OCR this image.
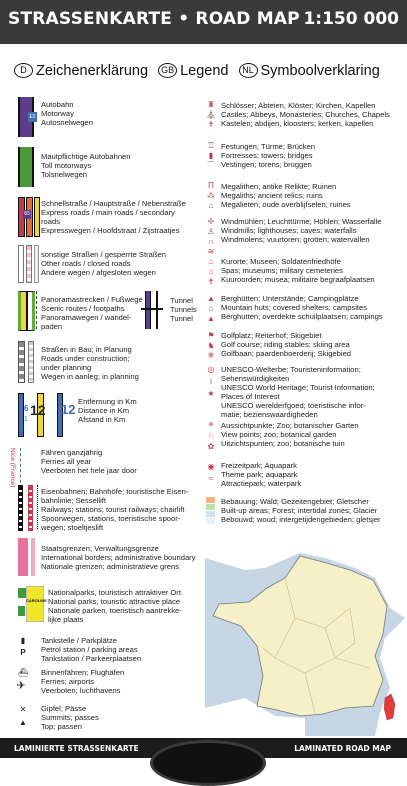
STRASSENKARTE • ROAD MAP 1:150 000
D Zeichenerklärung GB Legend NL Symboolverklaring
E5
83
Tunnel
Tunnels
Tunnel
6 12 12
1
Nice (France)
CAROLINE
▮
P
⛴
✈
✕
▲
Autobahn
Motorway
Autosnelwegen
Mautpflichtige Autobahnen
Toll motorways
Tolsnelwegen
Schnellstraße / Hauptstraße / Nebenstraße
Express roads / main roads / secondary
roads
Expresswegen / Hoofdstraat / Zijstraatjes
sonstige Straßen / gesperrte Straßen
Other roads / closed roads
Andere wegen / afgesloten wegen
Panoramastrecken / Fußwege
Scenic routes / footpaths
Panoramawegen / wandel-
paden
Straßen in Bau; in Planung
Roads under construction;
under planning
Wegen in aanleg; in planning
Entfernung in Km
Distance in Km
Afstand in Km
Fähren ganzjährig
Ferries all year
Veerboten het hele jaar door
Eisenbahnen; Bahnhöfe; touristische Eisen-
bahnlinie; Sessellift
Railways; stations; tourist railways; chairlift
Spoorwegen, stations, toeristische spoor-
wegen; stoeltjeslift
Staatsgrenzen; Verwaltungsgrenze
International borders; administrative boundary
Nationale grenzen; administratieve grens
Nationalparks, touristisch attraktiver Ort
National parks, touristic attractive place
Nationale parken, toeristisch aantrekke-
lijke plaats
Tankstelle / Parkplätze
Petrol station / parking areas
Tankstation / Parkeerplaatsen
Binnenfähren; Flughäfen
Ferries; airports
Veerboten; luchthavens
Gipfel; Pässe
Summits; passes
Top; passen
♜
⛪
✝
♖
▮
⌒
Π
⁂
⌂
✢
♙
∩
≋
♨
⌂
✝
▲
⌂
▲
⚑
♞
❄
◎
i
★
✳
♘
✿
◉
≈
Schlösser; Abteien, Klöster; Kirchen, Kapellen
Castles; Abbeys, Monasteries; Churches, Chapels
Kastelen; abdijen, kloosters; kerken, kapellen
Festungen; Türme; Brücken
Fortresses; towers; bridges
Vestingen; torens; bruggen
Megalithen; antike Relikte; Ruinen
Megaliths; ancient relics; ruins
Megalieten; oude overblijfselen; ruines
Windmühlen; Leuchttürme; Höhlen; Wasserfalle
Windmills; lighthouses; caves; waterfalls
Windmolens; vuurtoren; grotten; watervallen
Kurorte; Museen; Soldatenfriedhöfe
Spas; museums; military cemeteries
Kuuroorden; musea; militaire begraafplaatsen
Berghütten; Unterstände; Campingplätze
Mountain huts; covered shelters; campsites
Berghutten; overdekte schuilplaatsen; campings
Golfplatz; Reiterhof; Skigebiet
Golf course; riding stables; skiing area
Golfbaan; paardenboerderij; Skigebied
UNESCO-Welterbe; Touristeninformation;
Sehenswürdigkeiten
UNESCO World Heritage; Tourist Information;
Places of Interest
UNESCO werelderfgoed; toeristische infor-
matie; bezienswaardigheden
Aussichtpunkte; Zoo; botanischer Garten
View points; zoo; botanical garden
Uitzichtspunten; zoo; botanische tuin
Freizeitpark; Aquapark
Theme park; aquapark
Attractiepark; waterpark
Bebauung; Wald; Gezeitengebiet; Gletscher
Built-up areas; Forest; intertidal zones; Glacier
Bebouwd; woud; intergetijdengebieden; gletsjer
LAMINIERTE STRASSENKARTE	LAMINATED ROAD MAP
